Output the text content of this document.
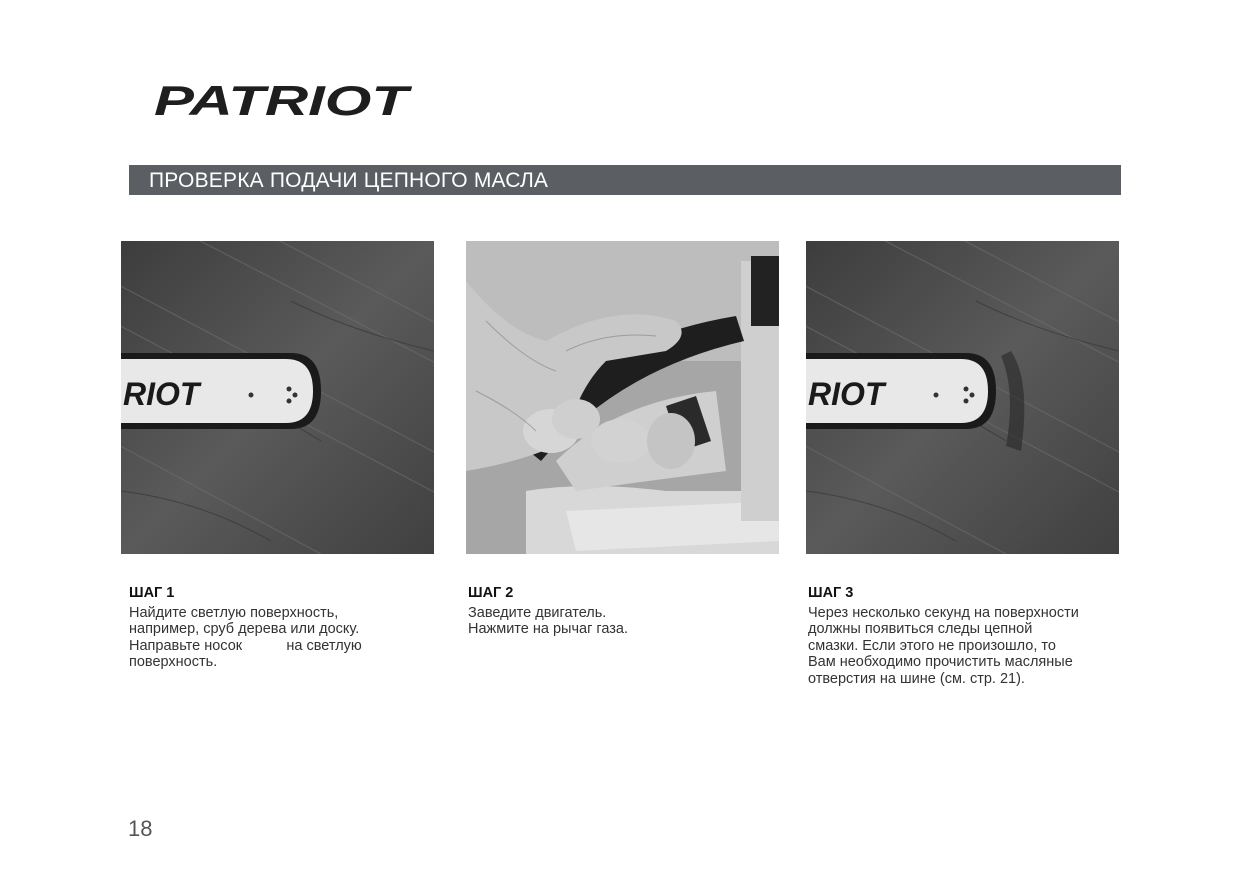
PATRIOT
ПРОВЕРКА ПОДАЧИ ЦЕПНОГО МАСЛА
RIOT	RIOT
ШАГ 1
Найдите светлую поверхность,
например, сруб дерева или доску.
Направьте носок           на светлую
поверхность.
ШАГ 2
Заведите двигатель.
Нажмите на рычаг газа.
ШАГ 3
Через несколько секунд на поверхности
должны появиться следы цепной
смазки. Если этого не произошло, то
Вам необходимо прочистить масляные
отверстия на шине (см. стр. 21).
18
